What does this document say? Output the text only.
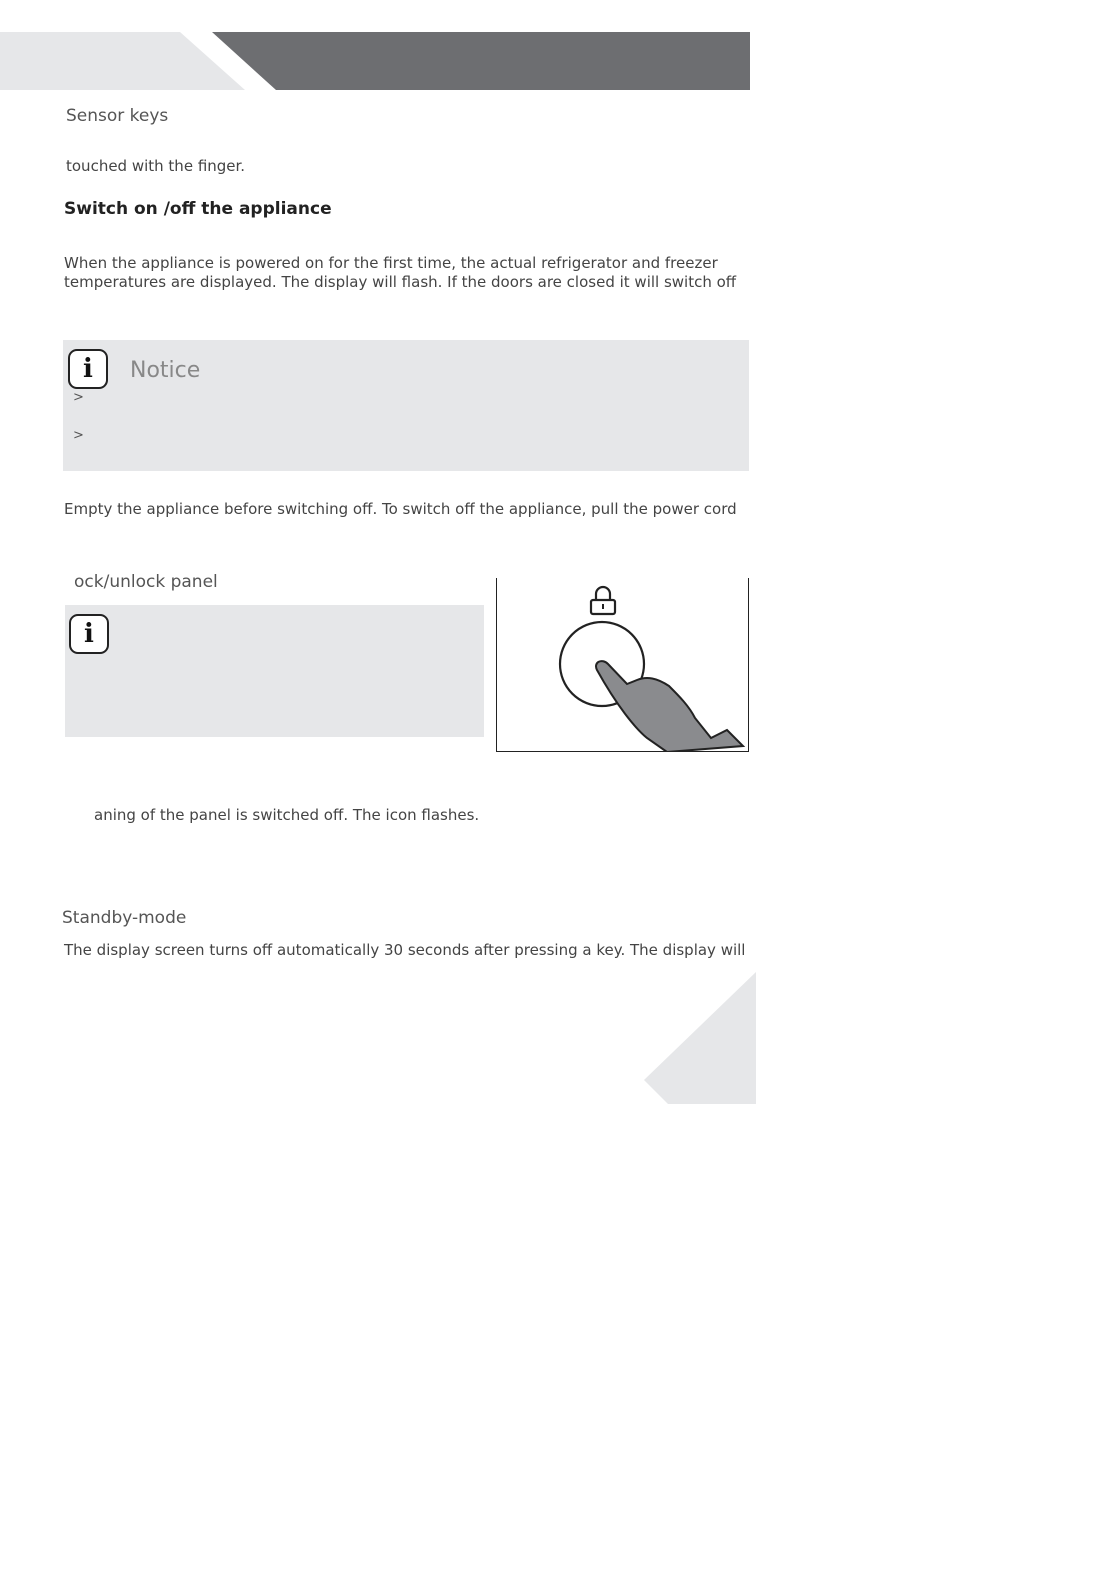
Sensor keys
touched with the finger.
Switch on /off the appliance
When the appliance is powered on for the first time, the actual refrigerator and freezer
temperatures are displayed. The display will flash. If the doors are closed it will switch off
i	Notice
>
>
Empty the appliance before switching off. To switch off the appliance, pull the power cord
ock/unlock panel
i
aning of the panel is switched off. The icon flashes.
Standby-mode
The display screen turns off automatically 30 seconds after pressing a key. The display will
